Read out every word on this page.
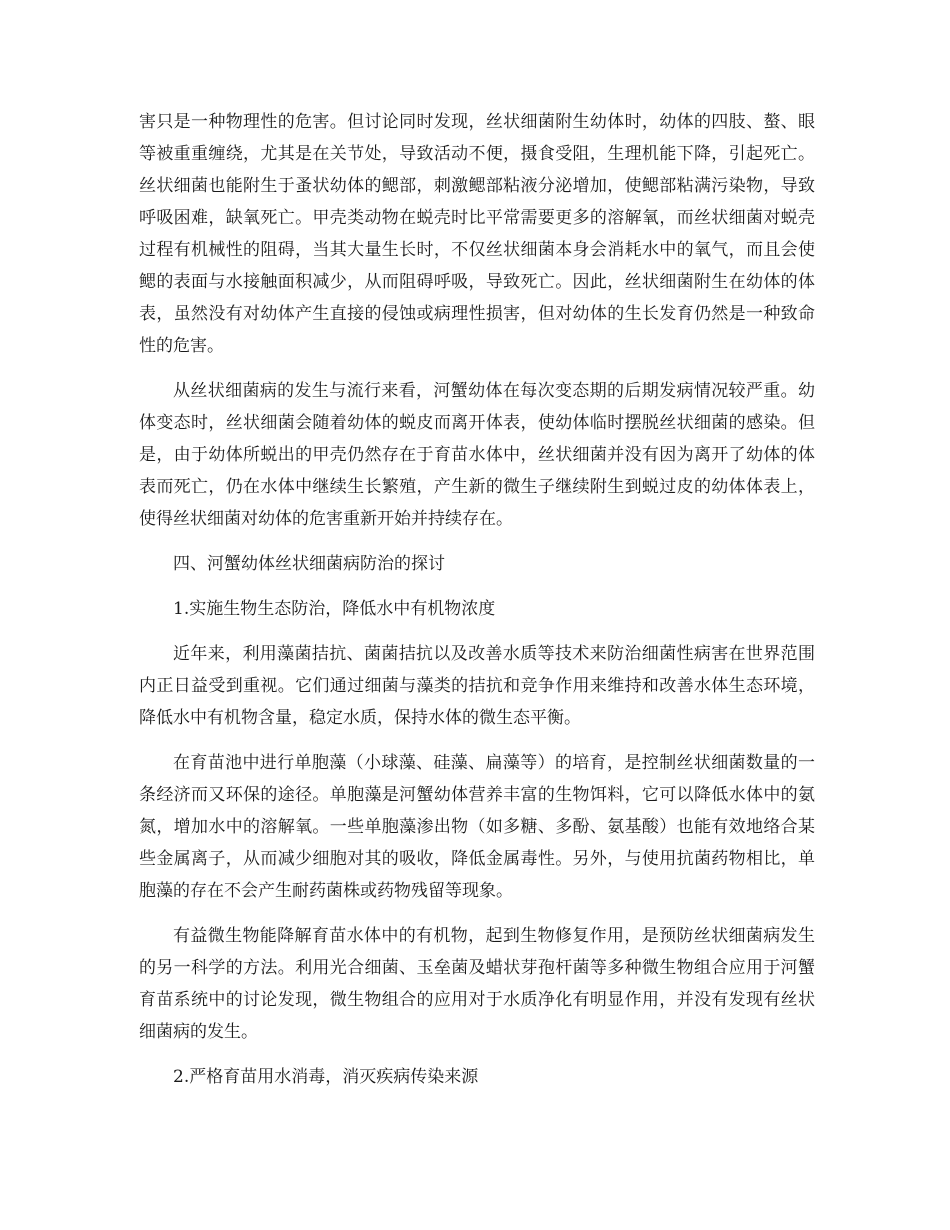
害只是一种物理性的危害。但讨论同时发现，丝状细菌附生幼体时，幼体的四肢、螯、眼等被重重缠绕，尤其是在关节处，导致活动不便，摄食受阻，生理机能下降，引起死亡。丝状细菌也能附生于蚤状幼体的鳃部，刺激鳃部粘液分泌增加，使鳃部粘满污染物，导致呼吸困难，缺氧死亡。甲壳类动物在蜕壳时比平常需要更多的溶解氧，而丝状细菌对蜕壳过程有机械性的阻碍，当其大量生长时，不仅丝状细菌本身会消耗水中的氧气，而且会使鳃的表面与水接触面积减少，从而阻碍呼吸，导致死亡。因此，丝状细菌附生在幼体的体表，虽然没有对幼体产生直接的侵蚀或病理性损害，但对幼体的生长发育仍然是一种致命性的危害。

从丝状细菌病的发生与流行来看，河蟹幼体在每次变态期的后期发病情况较严重。幼体变态时，丝状细菌会随着幼体的蜕皮而离开体表，使幼体临时摆脱丝状细菌的感染。但是，由于幼体所蜕出的甲壳仍然存在于育苗水体中，丝状细菌并没有因为离开了幼体的体表而死亡，仍在水体中继续生长繁殖，产生新的微生子继续附生到蜕过皮的幼体体表上，使得丝状细菌对幼体的危害重新开始并持续存在。

四、河蟹幼体丝状细菌病防治的探讨

1.实施生物生态防治，降低水中有机物浓度

近年来，利用藻菌拮抗、菌菌拮抗以及改善水质等技术来防治细菌性病害在世界范围内正日益受到重视。它们通过细菌与藻类的拮抗和竞争作用来维持和改善水体生态环境，降低水中有机物含量，稳定水质，保持水体的微生态平衡。

在育苗池中进行单胞藻（小球藻、硅藻、扁藻等）的培育，是控制丝状细菌数量的一条经济而又环保的途径。单胞藻是河蟹幼体营养丰富的生物饵料，它可以降低水体中的氨氮，增加水中的溶解氧。一些单胞藻渗出物（如多糖、多酚、氨基酸）也能有效地络合某些金属离子，从而减少细胞对其的吸收，降低金属毒性。另外，与使用抗菌药物相比，单胞藻的存在不会产生耐药菌株或药物残留等现象。

有益微生物能降解育苗水体中的有机物，起到生物修复作用，是预防丝状细菌病发生的另一科学的方法。利用光合细菌、玉垒菌及蜡状芽孢杆菌等多种微生物组合应用于河蟹育苗系统中的讨论发现，微生物组合的应用对于水质净化有明显作用，并没有发现有丝状细菌病的发生。

2.严格育苗用水消毒，消灭疾病传染来源
